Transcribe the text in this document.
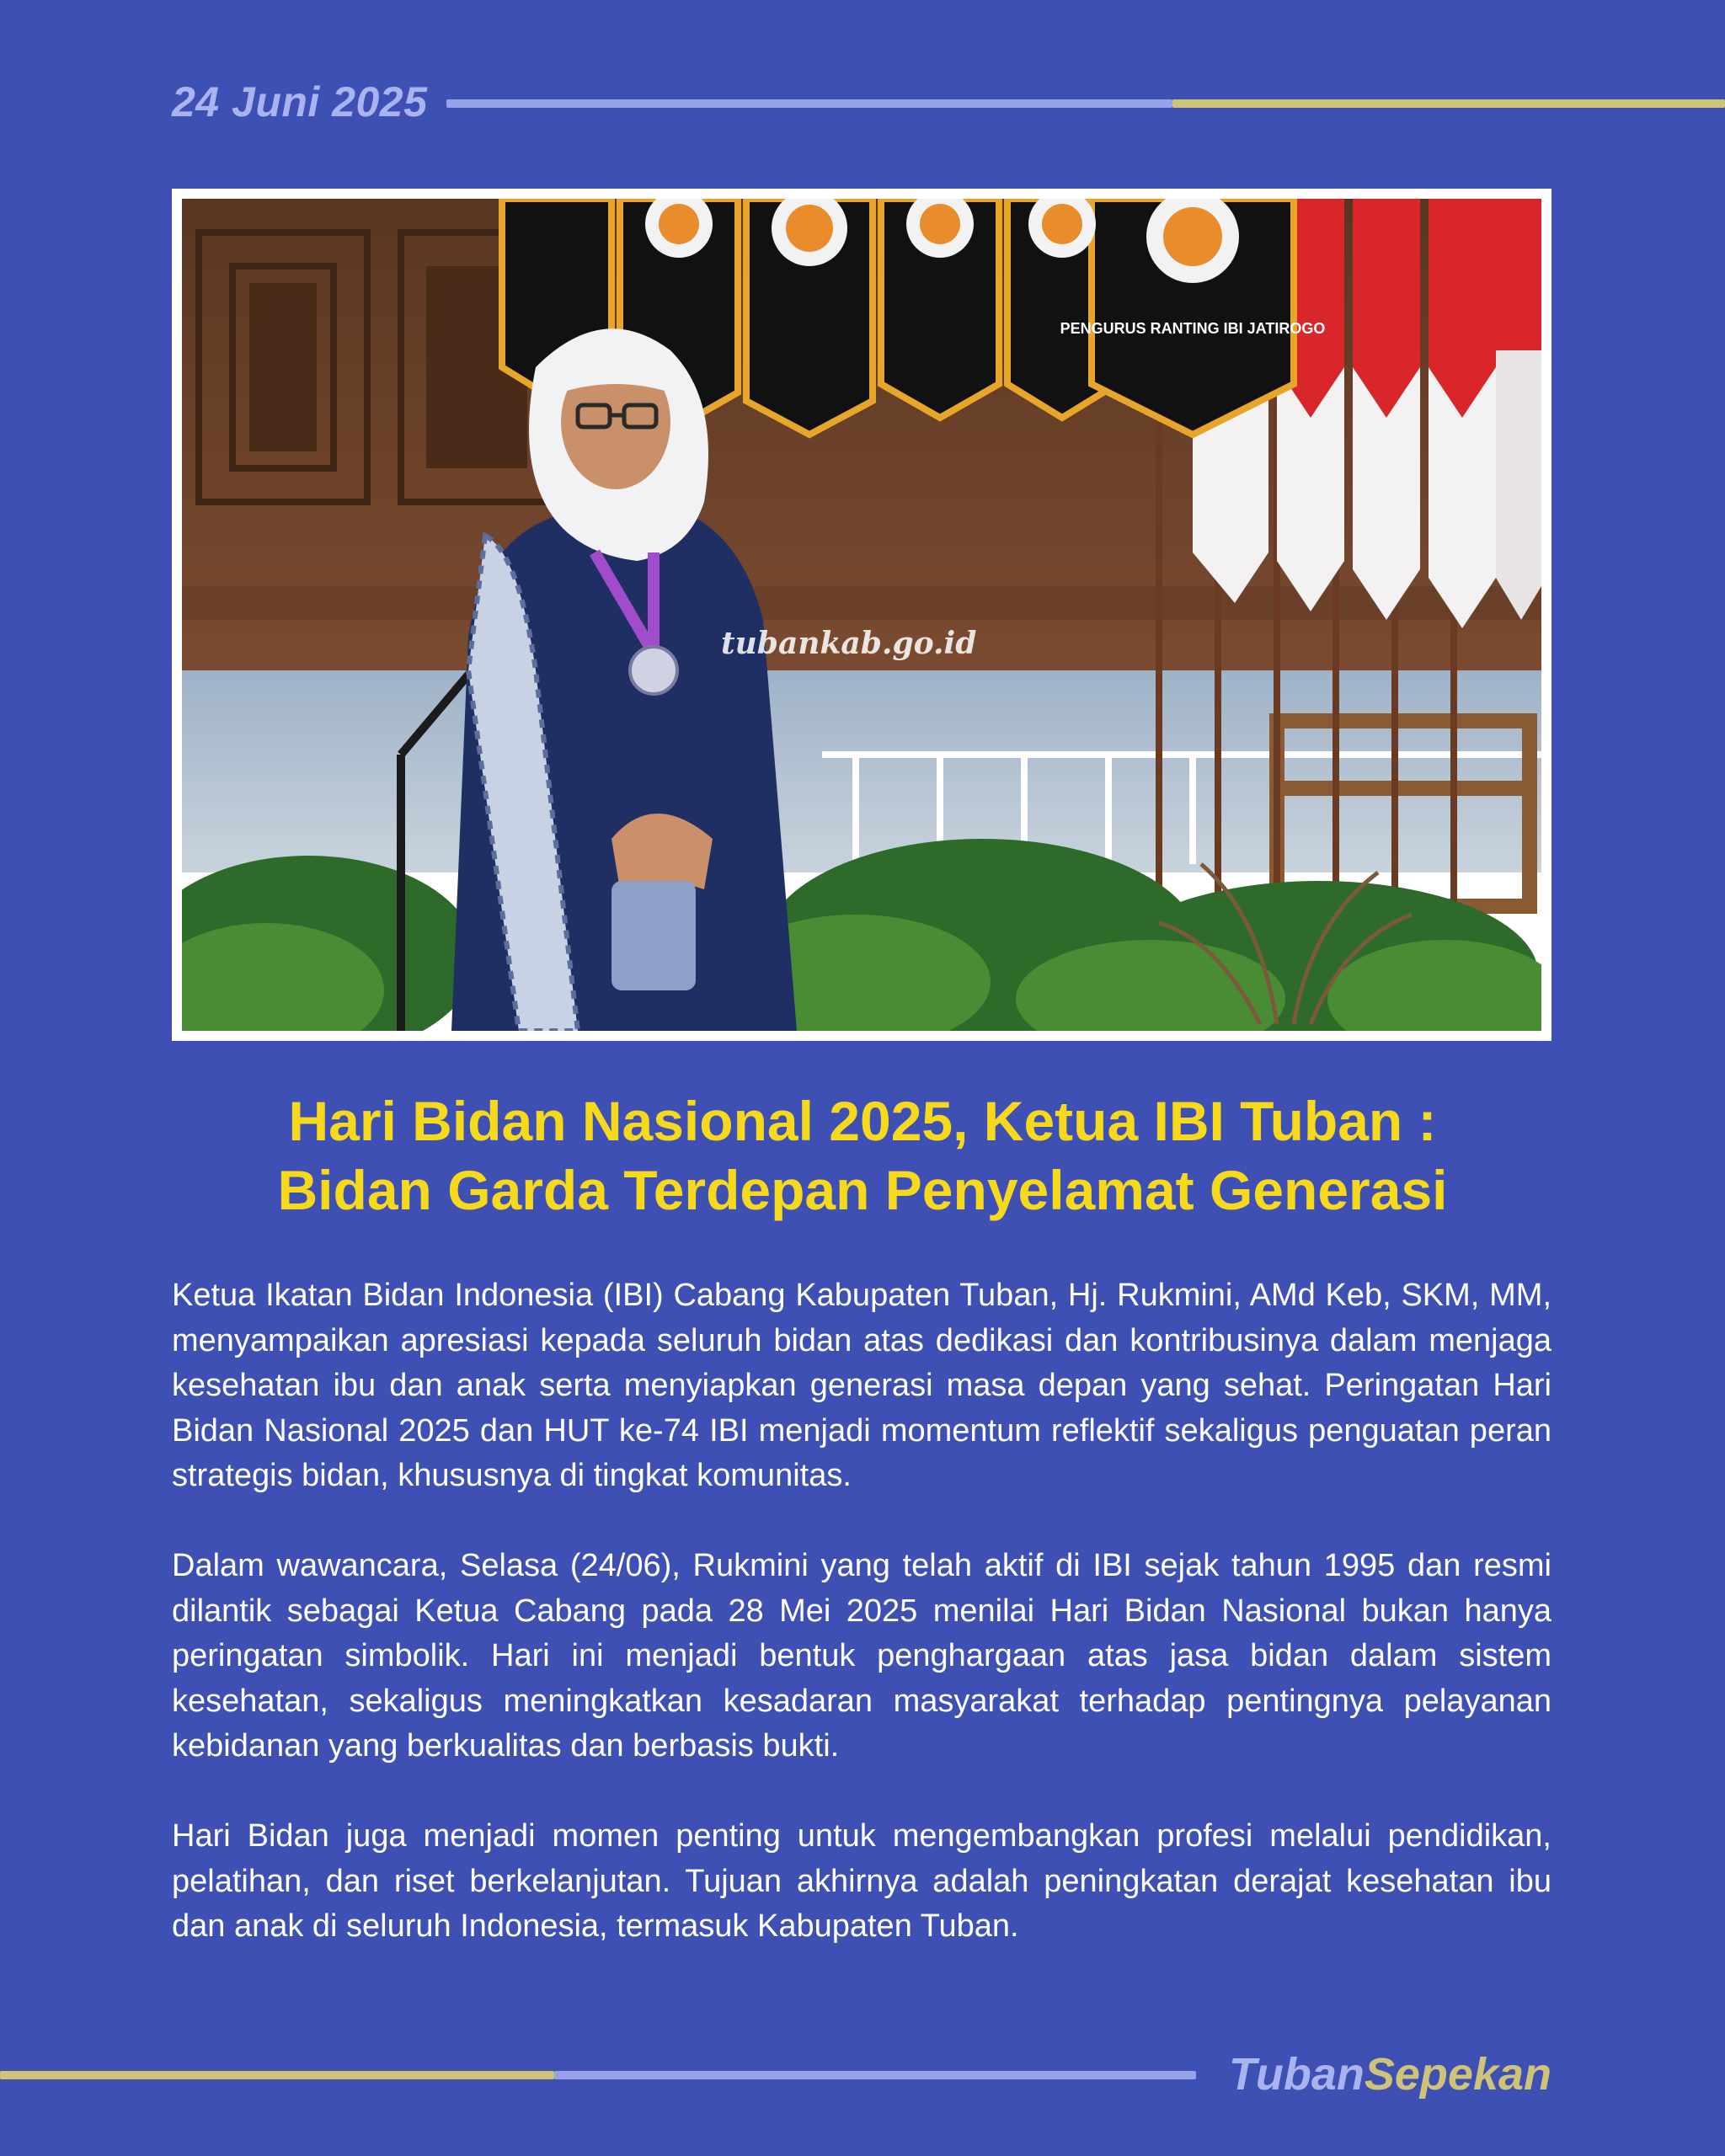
24 Juni 2025
PENGURUS RANTING IBI JATIROGO
tubankab.go.id
Hari Bidan Nasional 2025, Ketua IBI Tuban :
Bidan Garda Terdepan Penyelamat Generasi

Ketua Ikatan Bidan Indonesia (IBI) Cabang Kabupaten Tuban, Hj. Rukmini, AMd Keb, SKM, MM, menyampaikan apresiasi kepada seluruh bidan atas dedikasi dan kontribusinya dalam menjaga kesehatan ibu dan anak serta menyiapkan generasi masa depan yang sehat. Peringatan Hari Bidan Nasional 2025 dan HUT ke-74 IBI menjadi momentum reflektif sekaligus penguatan peran strategis bidan, khususnya di tingkat komunitas.

Dalam wawancara, Selasa (24/06), Rukmini yang telah aktif di IBI sejak tahun 1995 dan resmi dilantik sebagai Ketua Cabang pada 28 Mei 2025 menilai Hari Bidan Nasional bukan hanya peringatan simbolik. Hari ini menjadi bentuk penghargaan atas jasa bidan dalam sistem kesehatan, sekaligus meningkatkan kesadaran masyarakat terhadap pentingnya pelayanan kebidanan yang berkualitas dan berbasis bukti.

Hari Bidan juga menjadi momen penting untuk mengembangkan profesi melalui pendidikan, pelatihan, dan riset berkelanjutan. Tujuan akhirnya adalah peningkatan derajat kesehatan ibu dan anak di seluruh Indonesia, termasuk Kabupaten Tuban.

TubanSepekan
